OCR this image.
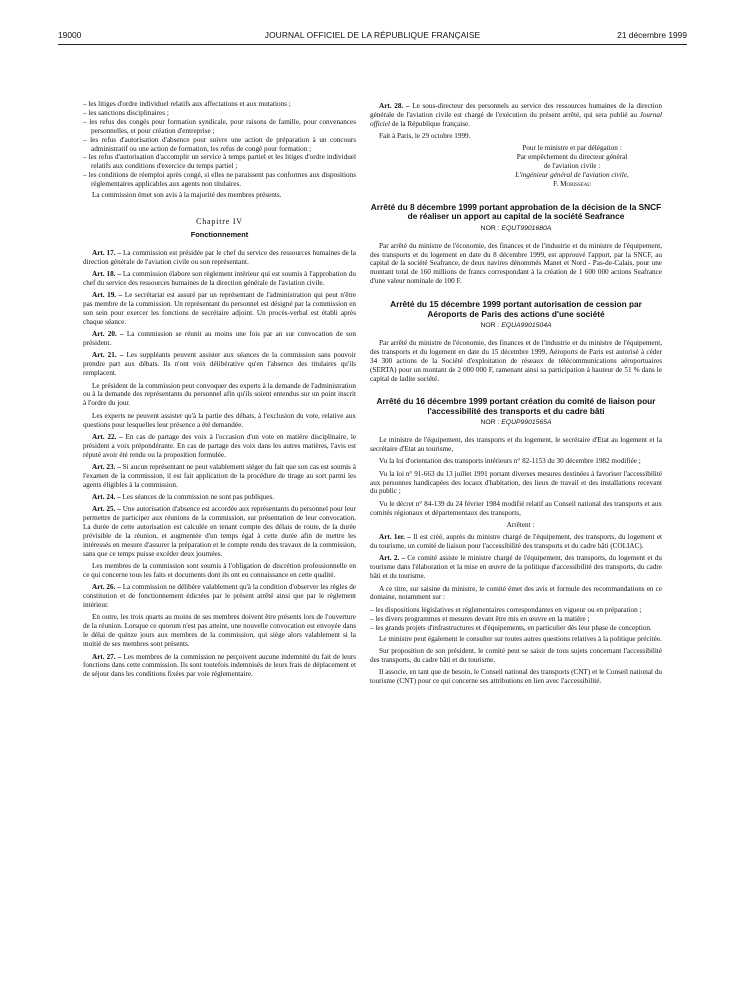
19000	JOURNAL OFFICIEL DE LA RÉPUBLIQUE FRANÇAISE	21 décembre 1999
– les litiges d'ordre individuel relatifs aux affectations et aux mutations ;
– les sanctions disciplinaires ;
– les refus des congés pour formation syndicale, pour raisons de famille, pour convenances personnelles, et pour création d'entreprise ;
– les refus d'autorisation d'absence pour suivre une action de préparation à un concours administratif ou une action de formation, les refus de congé pour formation ;
– les refus d'autorisation d'accomplir un service à temps partiel et les litiges d'ordre individuel relatifs aux conditions d'exercice du temps partiel ;
– les conditions de réemploi après congé, si elles ne paraissent pas conformes aux dispositions réglementaires applicables aux agents non titulaires.

La commission émet son avis à la majorité des membres présents.

Chapitre IV
Fonctionnement

Art. 17. – La commission est présidée par le chef du service des ressources humaines de la direction générale de l'aviation civile ou son représentant.

Art. 18. – La commission élabore son règlement intérieur qui est soumis à l'approbation du chef du service des ressources humaines de la direction générale de l'aviation civile.

Art. 19. – Le secrétariat est assuré par un représentant de l'administration qui peut n'être pas membre de la commission. Un représentant du personnel est désigné par la commission en son sein pour exercer les fonctions de secrétaire adjoint. Un procès-verbal est établi après chaque séance.

Art. 20. – La commission se réunit au moins une fois par an sur convocation de son président.

Art. 21. – Les suppléants peuvent assister aux séances de la commission sans pouvoir prendre part aux débats. Ils n'ont voix délibérative qu'en l'absence des titulaires qu'ils remplacent.

Le président de la commission peut convoquer des experts à la demande de l'administration ou à la demande des représentants du personnel afin qu'ils soient entendus sur un point inscrit à l'ordre du jour.

Les experts ne peuvent assister qu'à la partie des débats, à l'exclusion du vote, relative aux questions pour lesquelles leur présence a été demandée.

Art. 22. – En cas de partage des voix à l'occasion d'un vote en matière disciplinaire, le président a voix prépondérante. En cas de partage des voix dans les autres matières, l'avis est réputé avoir été rendu ou la proposition formulée.

Art. 23. – Si aucun représentant ne peut valablement siéger du fait que son cas est soumis à l'examen de la commission, il est fait application de la procédure de tirage au sort parmi les agents éligibles à la commission.

Art. 24. – Les séances de la commission ne sont pas publiques.

Art. 25. – Une autorisation d'absence est accordée aux représentants du personnel pour leur permettre de participer aux réunions de la commission, sur présentation de leur convocation. La durée de cette autorisation est calculée en tenant compte des délais de route, de la durée prévisible de la réunion, et augmentée d'un temps égal à cette durée afin de mettre les intéressés en mesure d'assurer la préparation et le compte rendu des travaux de la commission, sans que ce temps puisse excéder deux journées.

Les membres de la commission sont soumis à l'obligation de discrétion professionnelle en ce qui concerne tous les faits et documents dont ils ont eu connaissance en cette qualité.

Art. 26. – La commission ne délibère valablement qu'à la condition d'observer les règles de constitution et de fonctionnement édictées par le présent arrêté ainsi que par le règlement intérieur.

En outre, les trois quarts au moins de ses membres doivent être présents lors de l'ouverture de la réunion. Lorsque ce quorum n'est pas atteint, une nouvelle convocation est envoyée dans le délai de quinze jours aux membres de la commission, qui siège alors valablement si la moitié de ses membres sont présents.

Art. 27. – Les membres de la commission ne perçoivent aucune indemnité du fait de leurs fonctions dans cette commission. Ils sont toutefois indemnisés de leurs frais de déplacement et de séjour dans les conditions fixées par voie réglementaire.

Art. 28. – Le sous-directeur des personnels au service des ressources humaines de la direction générale de l'aviation civile est chargé de l'exécution du présent arrêté, qui sera publié au Journal officiel de la République française.

Fait à Paris, le 29 octobre 1999.

Pour le ministre et par délégation :

Par empêchement du directeur général

de l'aviation civile :

L'ingénieur général de l'aviation civile,

F. Morisseau

Arrêté du 8 décembre 1999 portant approbation de la décision de la SNCF de réaliser un apport au capital de la société Seafrance
NOR : EQUT9901680A

Par arrêté du ministre de l'économie, des finances et de l'industrie et du ministre de l'équipement, des transports et du logement en date du 8 décembre 1999, est approuvé l'apport, par la SNCF, au capital de la société Seafrance, de deux navires dénommés Manet et Nord - Pas-de-Calais, pour une montant total de 160 millions de francs correspondant à la création de 1 600 000 actions Seafrance d'une valeur nominale de 100 F.

Arrêté du 15 décembre 1999 portant autorisation de cession par Aéroports de Paris des actions d'une société
NOR : EQUA9901504A

Par arrêté du ministre de l'économie, des finances et de l'industrie et du ministre de l'équipement, des transports et du logement en date du 15 décembre 1999, Aéroports de Paris est autorisé à céder 34 300 actions de la Société d'exploitation de réseaux de télécommunications aéroportuaires (SERTA) pour un montant de 2 000 000 F, ramenant ainsi sa participation à hauteur de 51 % dans le capital de ladite société.

Arrêté du 16 décembre 1999 portant création du comité de liaison pour l'accessibilité des transports et du cadre bâti
NOR : EQUP9901565A

Le ministre de l'équipement, des transports et du logement, le secrétaire d'Etat au logement et la secrétaire d'Etat au tourisme,

Vu la loi d'orientation des transports intérieurs n° 82-1153 du 30 décembre 1982 modifiée ;

Vu la loi n° 91-663 du 13 juillet 1991 portant diverses mesures destinées à favoriser l'accessibilité aux personnes handicapées des locaux d'habitation, des lieux de travail et des installations recevant du public ;

Vu le décret n° 84-139 du 24 février 1984 modifié relatif au Conseil national des transports et aux comités régionaux et départementaux des transports,

Arrêtent :

Art. 1er. – Il est créé, auprès du ministre chargé de l'équipement, des transports, du logement et du tourisme, un comité de liaison pour l'accessibilité des transports et du cadre bâti (COLIAC).

Art. 2. – Ce comité assiste le ministre chargé de l'équipement, des transports, du logement et du tourisme dans l'élaboration et la mise en œuvre de la politique d'accessibilité des transports, du cadre bâti et du tourisme.

A ce titre, sur saisine du ministre, le comité émet des avis et formule des recommandations en ce domaine, notamment sur :

– les dispositions législatives et réglementaires correspondantes en vigueur ou en préparation ;
– les divers programmes et mesures devant être mis en œuvre en la matière ;
– les grands projets d'infrastructures et d'équipements, en particulier dès leur phase de conception.

Le ministre peut également le consulter sur toutes autres questions relatives à la politique précitée.

Sur proposition de son président, le comité peut se saisir de tous sujets concernant l'accessibilité des transports, du cadre bâti et du tourisme.

Il associe, en tant que de besoin, le Conseil national des transports (CNT) et le Conseil national du tourisme (CNT) pour ce qui concerne ses attributions en lien avec l'accessibilité.
